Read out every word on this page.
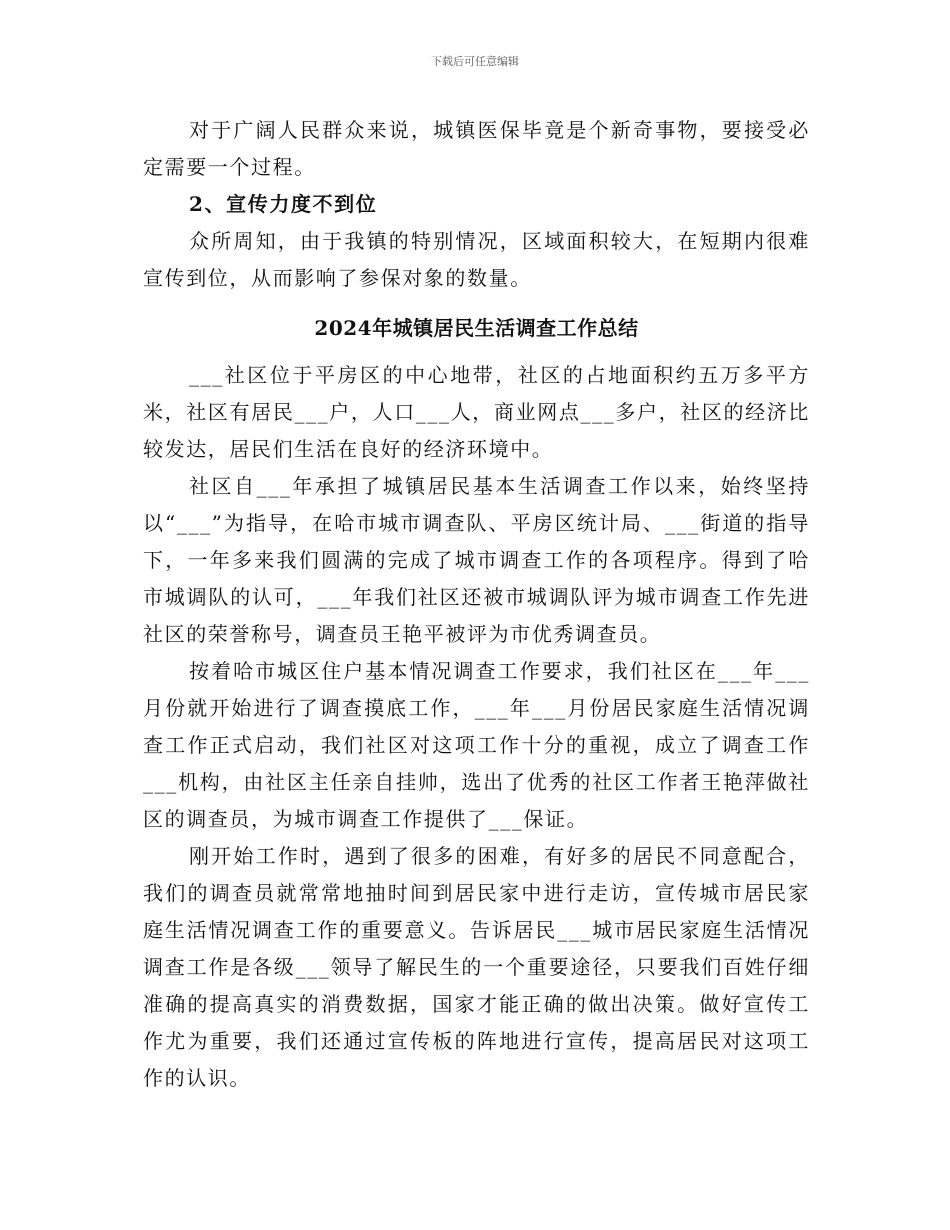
下载后可任意编辑

对于广阔人民群众来说，城镇医保毕竟是个新奇事物，要接受必定需要一个过程。

2、宣传力度不到位

众所周知，由于我镇的特别情况，区域面积较大，在短期内很难宣传到位，从而影响了参保对象的数量。

2024年城镇居民生活调查工作总结

___社区位于平房区的中心地带，社区的占地面积约五万多平方米，社区有居民___户，人口___人，商业网点___多户，社区的经济比较发达，居民们生活在良好的经济环境中。

社区自___年承担了城镇居民基本生活调查工作以来，始终坚持以“___”为指导，在哈市城市调查队、平房区统计局、___街道的指导下，一年多来我们圆满的完成了城市调查工作的各项程序。得到了哈市城调队的认可，___年我们社区还被市城调队评为城市调查工作先进社区的荣誉称号，调查员王艳平被评为市优秀调查员。

按着哈市城区住户基本情况调查工作要求，我们社区在___年___月份就开始进行了调查摸底工作，___年___月份居民家庭生活情况调查工作正式启动，我们社区对这项工作十分的重视，成立了调查工作___机构，由社区主任亲自挂帅，选出了优秀的社区工作者王艳萍做社区的调查员，为城市调查工作提供了___保证。

刚开始工作时，遇到了很多的困难，有好多的居民不同意配合，我们的调查员就常常地抽时间到居民家中进行走访，宣传城市居民家庭生活情况调查工作的重要意义。告诉居民___城市居民家庭生活情况调查工作是各级___领导了解民生的一个重要途径，只要我们百姓仔细准确的提高真实的消费数据，国家才能正确的做出决策。做好宣传工作尤为重要，我们还通过宣传板的阵地进行宣传，提高居民对这项工作的认识。
